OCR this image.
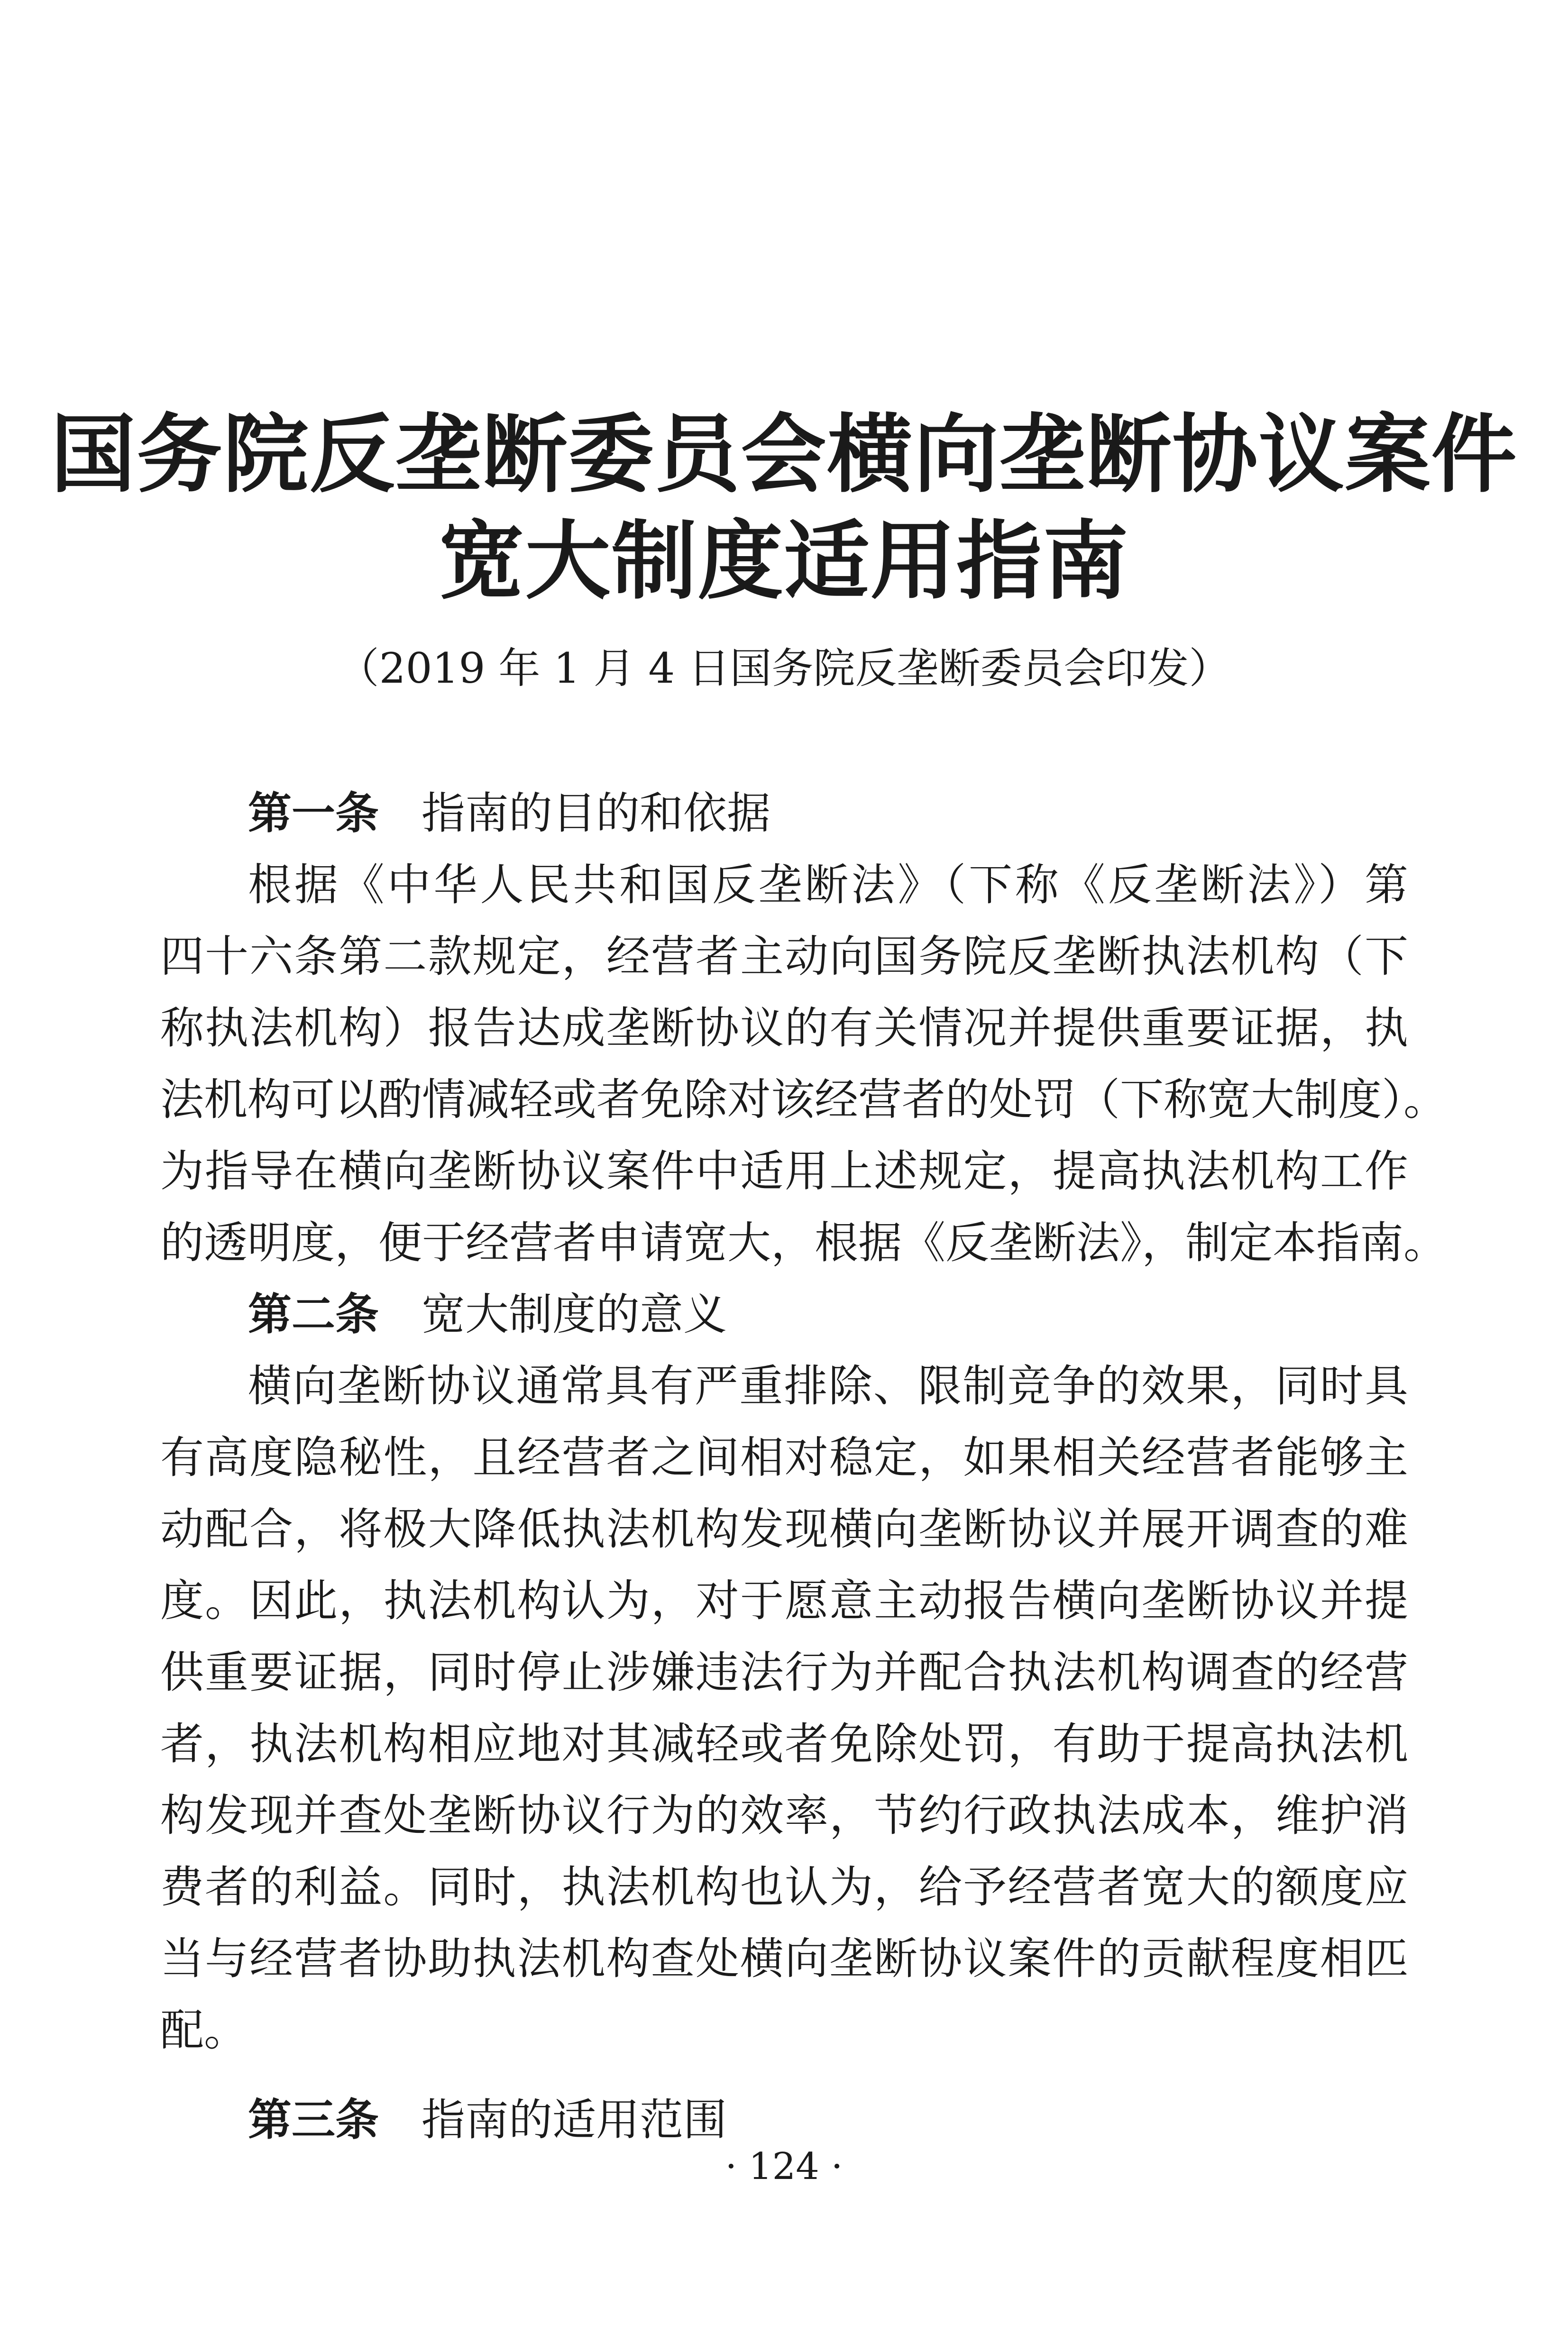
国务院反垄断委员会横向垄断协议案件
宽大制度适用指南
（2019 年 1 月 4 日国务院反垄断委员会印发）
第一条 指南的目的和依据
根据《中华人民共和国反垄断法》（下称《反垄断法》）第
四十六条第二款规定，经营者主动向国务院反垄断执法机构（下
称执法机构）报告达成垄断协议的有关情况并提供重要证据，执
法机构可以酌情减轻或者免除对该经营者的处罚（下称宽大制度）。
为指导在横向垄断协议案件中适用上述规定，提高执法机构工作
的透明度，便于经营者申请宽大，根据《反垄断法》，制定本指南。
第二条 宽大制度的意义
横向垄断协议通常具有严重排除、限制竞争的效果，同时具
有高度隐秘性，且经营者之间相对稳定，如果相关经营者能够主
动配合，将极大降低执法机构发现横向垄断协议并展开调查的难
度。因此，执法机构认为，对于愿意主动报告横向垄断协议并提
供重要证据，同时停止涉嫌违法行为并配合执法机构调查的经营
者，执法机构相应地对其减轻或者免除处罚，有助于提高执法机
构发现并查处垄断协议行为的效率，节约行政执法成本，维护消
费者的利益。同时，执法机构也认为，给予经营者宽大的额度应
当与经营者协助执法机构查处横向垄断协议案件的贡献程度相匹
配。
第三条 指南的适用范围
· 124 ·
